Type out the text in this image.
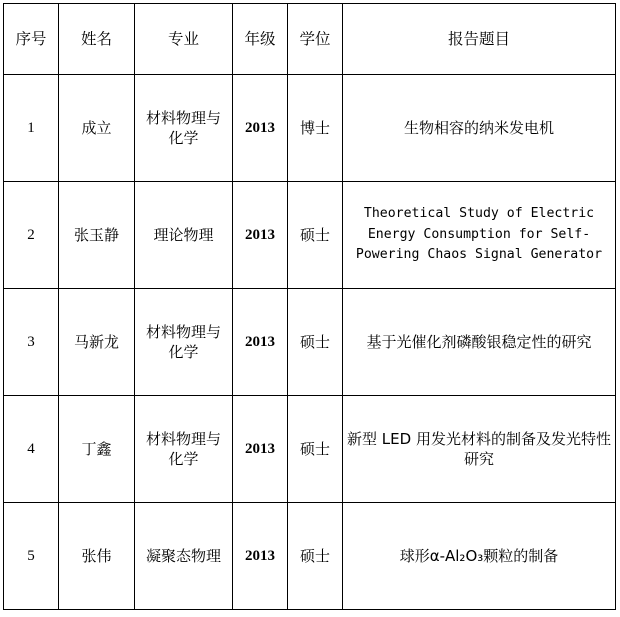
序号	姓名	专业	年级	学位	报告题目
1	成立	材料物理与化学	2013	博士	生物相容的纳米发电机
2	张玉静	理论物理	2013	硕士	Theoretical Study of Electric Energy Consumption for Self-Powering Chaos Signal Generator
3	马新龙	材料物理与化学	2013	硕士	基于光催化剂磷酸银稳定性的研究
4	丁鑫	材料物理与化学	2013	硕士	新型 LED 用发光材料的制备及发光特性研究
5	张伟	凝聚态物理	2013	硕士	球形α-Al₂O₃颗粒的制备
